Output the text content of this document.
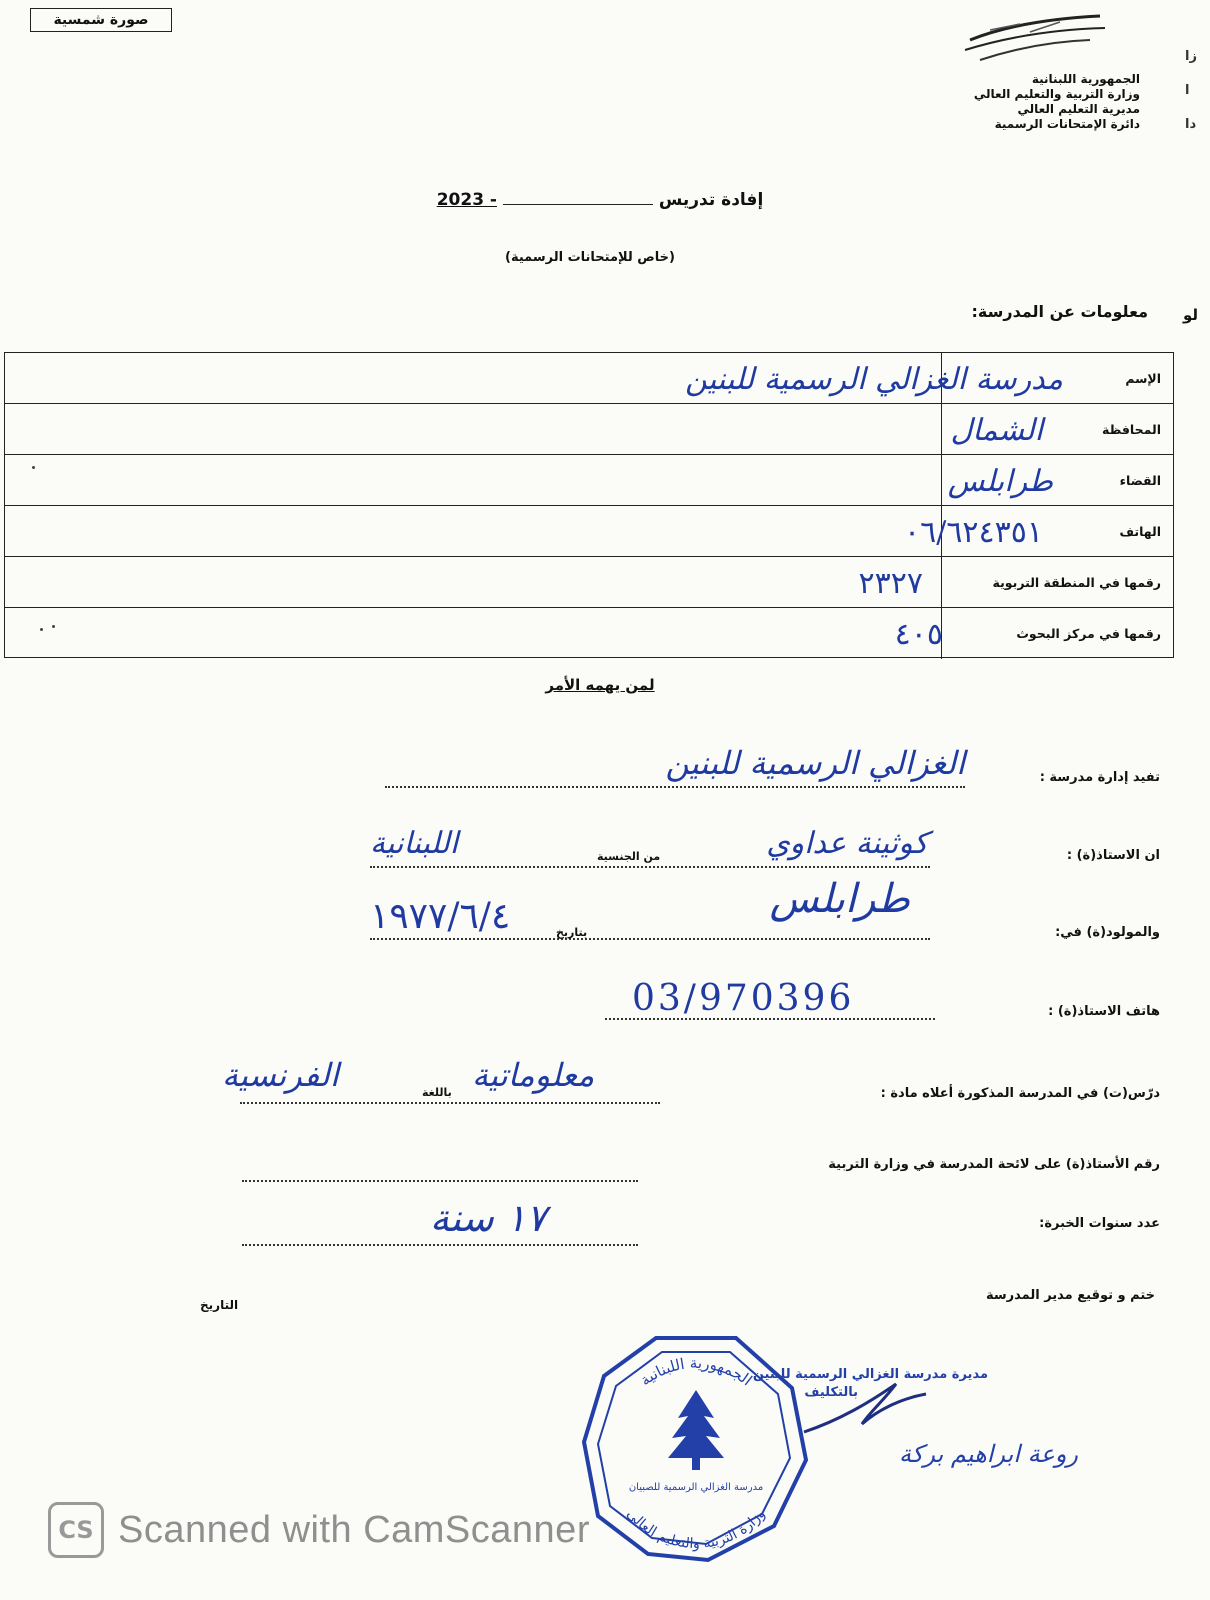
صورة شمسية
الجمهورية اللبنانية
وزارة التربية والتعليم العالي
مديرية التعليم العالي
دائرة الإمتحانات الرسمية
زا
ا
دا
2023 -	إفادة تدريس
(خاص للإمتحانات الرسمية)
معلومات عن المدرسة: لو
الإسم
مدرسة الغزالي الرسمية للبنين
المحافظة
الشمال
القضاء
طرابلس
الهاتف
٠٦/٦٢٤٣٥١
رقمها في المنطقة التربوية
٢٣٢٧
رقمها في مركز البحوث
٤٠٥
لمن يهمه الأمر
تفيد إدارة مدرسة :
الغزالي الرسمية للبنين
ان الاستاذ(ة) :
كوثينة عداوي
من الجنسية
اللبنانية
والمولود(ة) في:
طرابلس
بتاريخ
١٩٧٧/٦/٤
هاتف الاستاذ(ة) :
03/970396
درّس(ت) في المدرسة المذكورة أعلاه مادة :
معلوماتية
باللغة
الفرنسية
رقم الأستاذ(ة) على لائحة المدرسة في وزارة التربية
عدد سنوات الخبرة:
١٧ سنة
ختم و توقيع مدير المدرسة
التاريخ
الجمهورية اللبنانية
وزارة التربية والتعليم العالي
مدرسة الغزالي الرسمية للصبيان
مديرة مدرسة الغزالي الرسمية للبنين
بالتكليف
روعة ابراهيم بركة
CS Scanned with CamScanner
